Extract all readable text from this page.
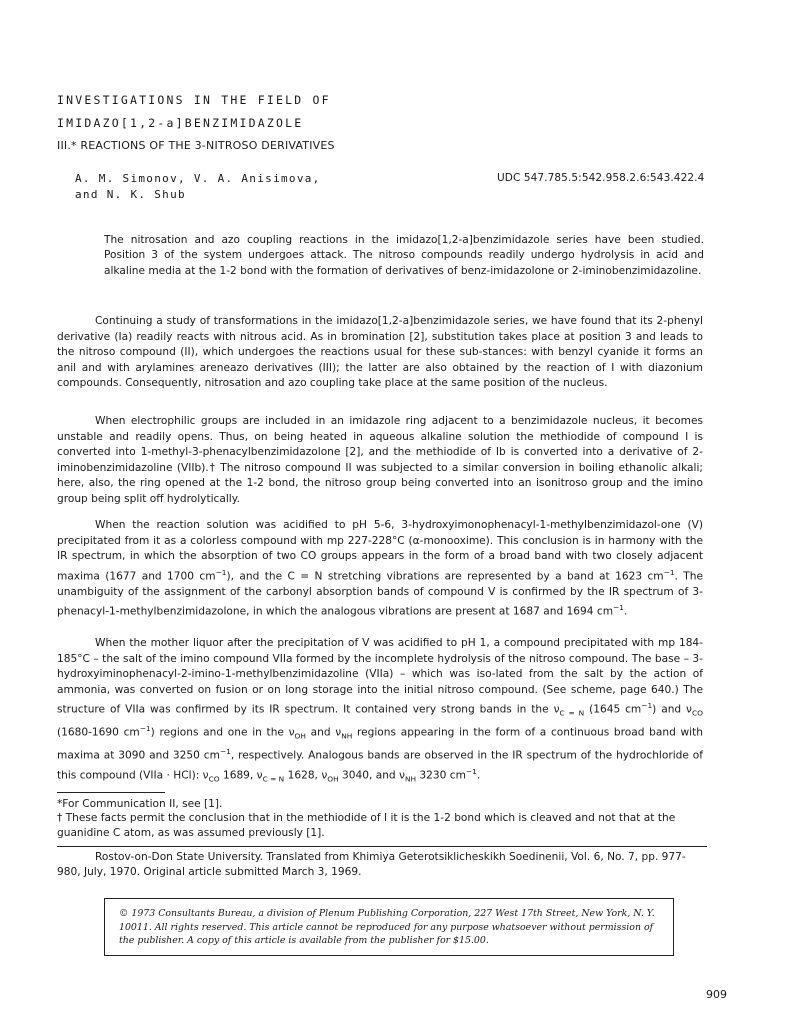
INVESTIGATIONS IN THE FIELD OF
IMIDAZO[1,2-a]BENZIMIDAZOLE
III.* REACTIONS OF THE 3-NITROSO DERIVATIVES
A. M. Simonov, V. A. Anisimova,
and N. K. Shub
UDC 547.785.5:542.958.2.6:543.422.4

The nitrosation and azo coupling reactions in the imidazo[1,2-a]benzimidazole series have been studied. Position 3 of the system undergoes attack. The nitroso compounds readily undergo hydrolysis in acid and alkaline media at the 1-2 bond with the formation of derivatives of benz-imidazolone or 2-iminobenzimidazoline.

Continuing a study of transformations in the imidazo[1,2-a]benzimidazole series, we have found that its 2-phenyl derivative (Ia) readily reacts with nitrous acid. As in bromination [2], substitution takes place at position 3 and leads to the nitroso compound (II), which undergoes the reactions usual for these sub-stances: with benzyl cyanide it forms an anil and with arylamines areneazo derivatives (III); the latter are also obtained by the reaction of I with diazonium compounds. Consequently, nitrosation and azo coupling take place at the same position of the nucleus.

When electrophilic groups are included in an imidazole ring adjacent to a benzimidazole nucleus, it becomes unstable and readily opens. Thus, on being heated in aqueous alkaline solution the methiodide of compound I is converted into 1-methyl-3-phenacylbenzimidazolone [2], and the methiodide of Ib is converted into a derivative of 2-iminobenzimidazoline (VIIb).† The nitroso compound II was subjected to a similar conversion in boiling ethanolic alkali; here, also, the ring opened at the 1-2 bond, the nitroso group being converted into an isonitroso group and the imino group being split off hydrolytically.

When the reaction solution was acidified to pH 5-6, 3-hydroxyimonophenacyl-1-methylbenzimidazol-one (V) precipitated from it as a colorless compound with mp 227-228°C (α-monooxime). This conclusion is in harmony with the IR spectrum, in which the absorption of two CO groups appears in the form of a broad band with two closely adjacent maxima (1677 and 1700 $cm^{-1}$), and the C = N stretching vibrations are represented by a band at 1623 $cm^{-1}$. The unambiguity of the assignment of the carbonyl absorption bands of compound V is confirmed by the IR spectrum of 3-phenacyl-1-methylbenzimidazolone, in which the analogous vibrations are present at 1687 and 1694 $cm^{-1}$.

When the mother liquor after the precipitation of V was acidified to pH 1, a compound precipitated with mp 184-185°C – the salt of the imino compound VIIa formed by the incomplete hydrolysis of the nitroso compound. The base – 3-hydroxyiminophenacyl-2-imino-1-methylbenzimidazoline (VIIa) – which was iso-lated from the salt by the action of ammonia, was converted on fusion or on long storage into the initial nitroso compound. (See scheme, page 640.) The structure of VIIa was confirmed by its IR spectrum. It contained very strong bands in the $\nu_{C = N}$ (1645 $cm^{-1}$) and $\nu_{CO}$ (1680-1690 $cm^{-1}$) regions and one in the $\nu_{OH}$ and $\nu_{NH}$ regions appearing in the form of a continuous broad band with maxima at 3090 and 3250 $cm^{-1}$, respectively. Analogous bands are observed in the IR spectrum of the hydrochloride of this compound (VIIa · HCl): $\nu_{CO}$ 1689, $\nu_{C = N}$ 1628, $\nu_{OH}$ 3040, and $\nu_{NH}$ 3230 $cm^{-1}$.

*For Communication II, see [1].

† These facts permit the conclusion that in the methiodide of I it is the 1-2 bond which is cleaved and not that at the guanidine C atom, as was assumed previously [1].

Rostov-on-Don State University. Translated from Khimiya Geterotsiklicheskikh Soedinenii, Vol. 6, No. 7, pp. 977-980, July, 1970. Original article submitted March 3, 1969.

© 1973 Consultants Bureau, a division of Plenum Publishing Corporation, 227 West 17th Street, New York, N. Y. 10011. All rights reserved. This article cannot be reproduced for any purpose whatsoever without permission of the publisher. A copy of this article is available from the publisher for $15.00.

909
